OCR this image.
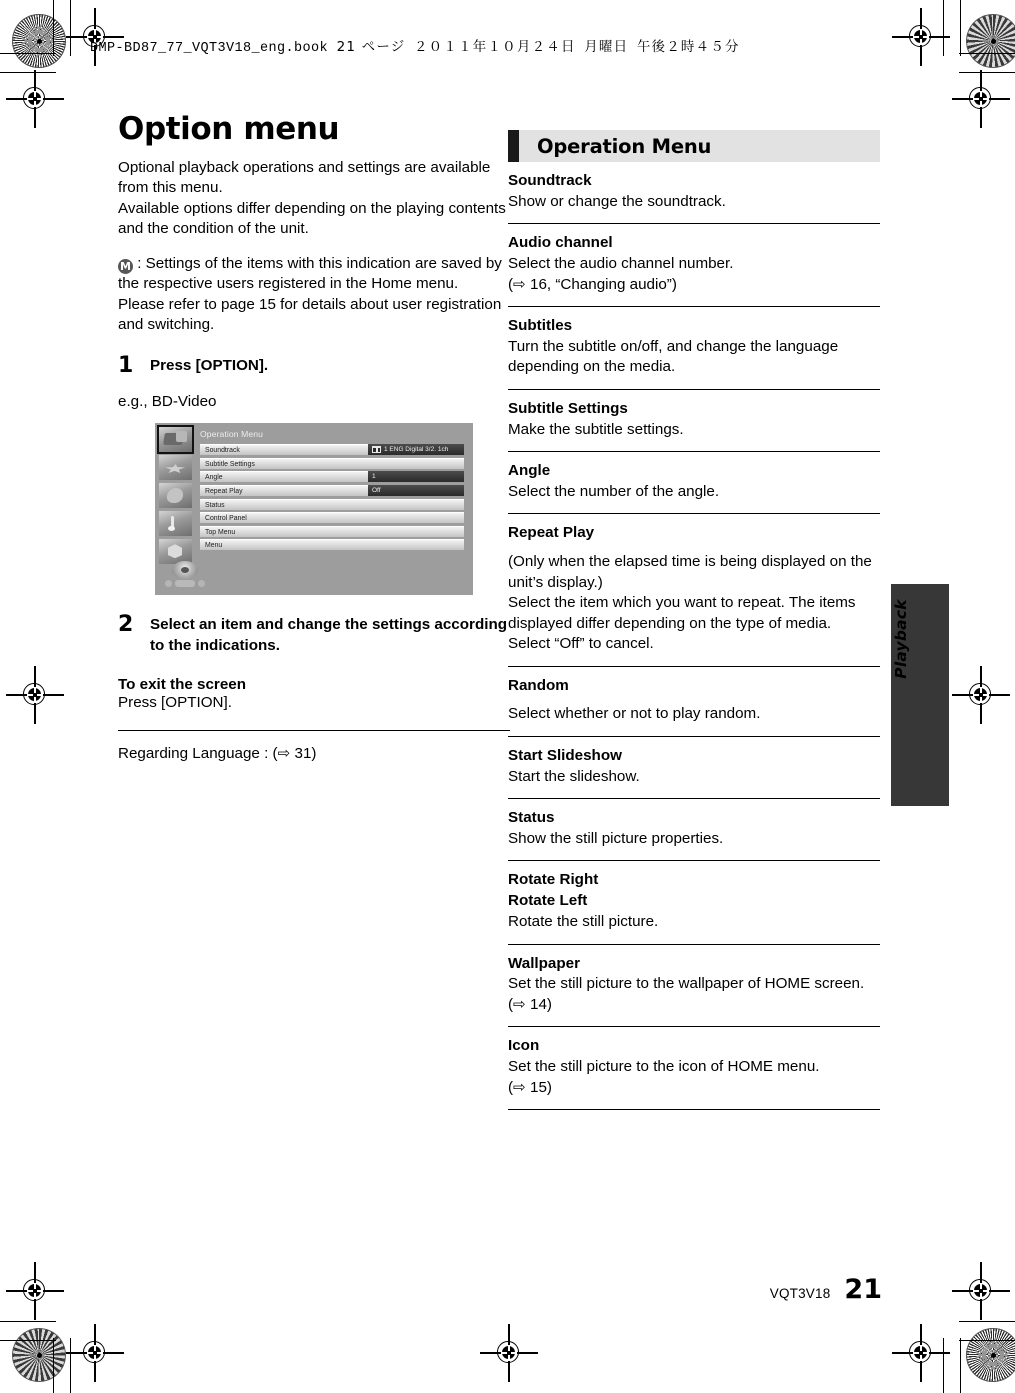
DMP-BD87_77_VQT3V18_eng.book 21 ページ ２０１１年１０月２４日 月曜日 午後２時４５分
Option menu

Optional playback operations and settings are available from this menu.

Available options differ depending on the playing contents and the condition of the unit.

M : Settings of the items with this indication are saved by the respective users registered in the Home menu.

Please refer to page 15 for details about user registration and switching.

1 Press [OPTION].
e.g., BD-Video
Operation Menu
Soundtrack	1 ENG Digital 3/2. 1ch
Subtitle Settings
Angle	1
Repeat Play	Off
Status
Control Panel
Top Menu
Menu
2 Select an item and change the settings according to the indications.
To exit the screen

Press [OPTION].

Regarding Language : (⇨ 31)
Operation Menu
Soundtrack

Show or change the soundtrack.

Audio channel

Select the audio channel number.

(⇨ 16, “Changing audio”)

Subtitles

Turn the subtitle on/off, and change the language depending on the media.

Subtitle Settings

Make the subtitle settings.

Angle

Select the number of the angle.

Repeat Play

(Only when the elapsed time is being displayed on the unit’s display.)

Select the item which you want to repeat. The items displayed differ depending on the type of media.

Select “Off” to cancel.

Random

Select whether or not to play random.

Start Slideshow

Start the slideshow.

Status

Show the still picture properties.

Rotate Right
Rotate Left

Rotate the still picture.

Wallpaper

Set the still picture to the wallpaper of HOME screen. (⇨ 14)

Icon

Set the still picture to the icon of HOME menu.

(⇨ 15)

Playback
VQT3V18 21
